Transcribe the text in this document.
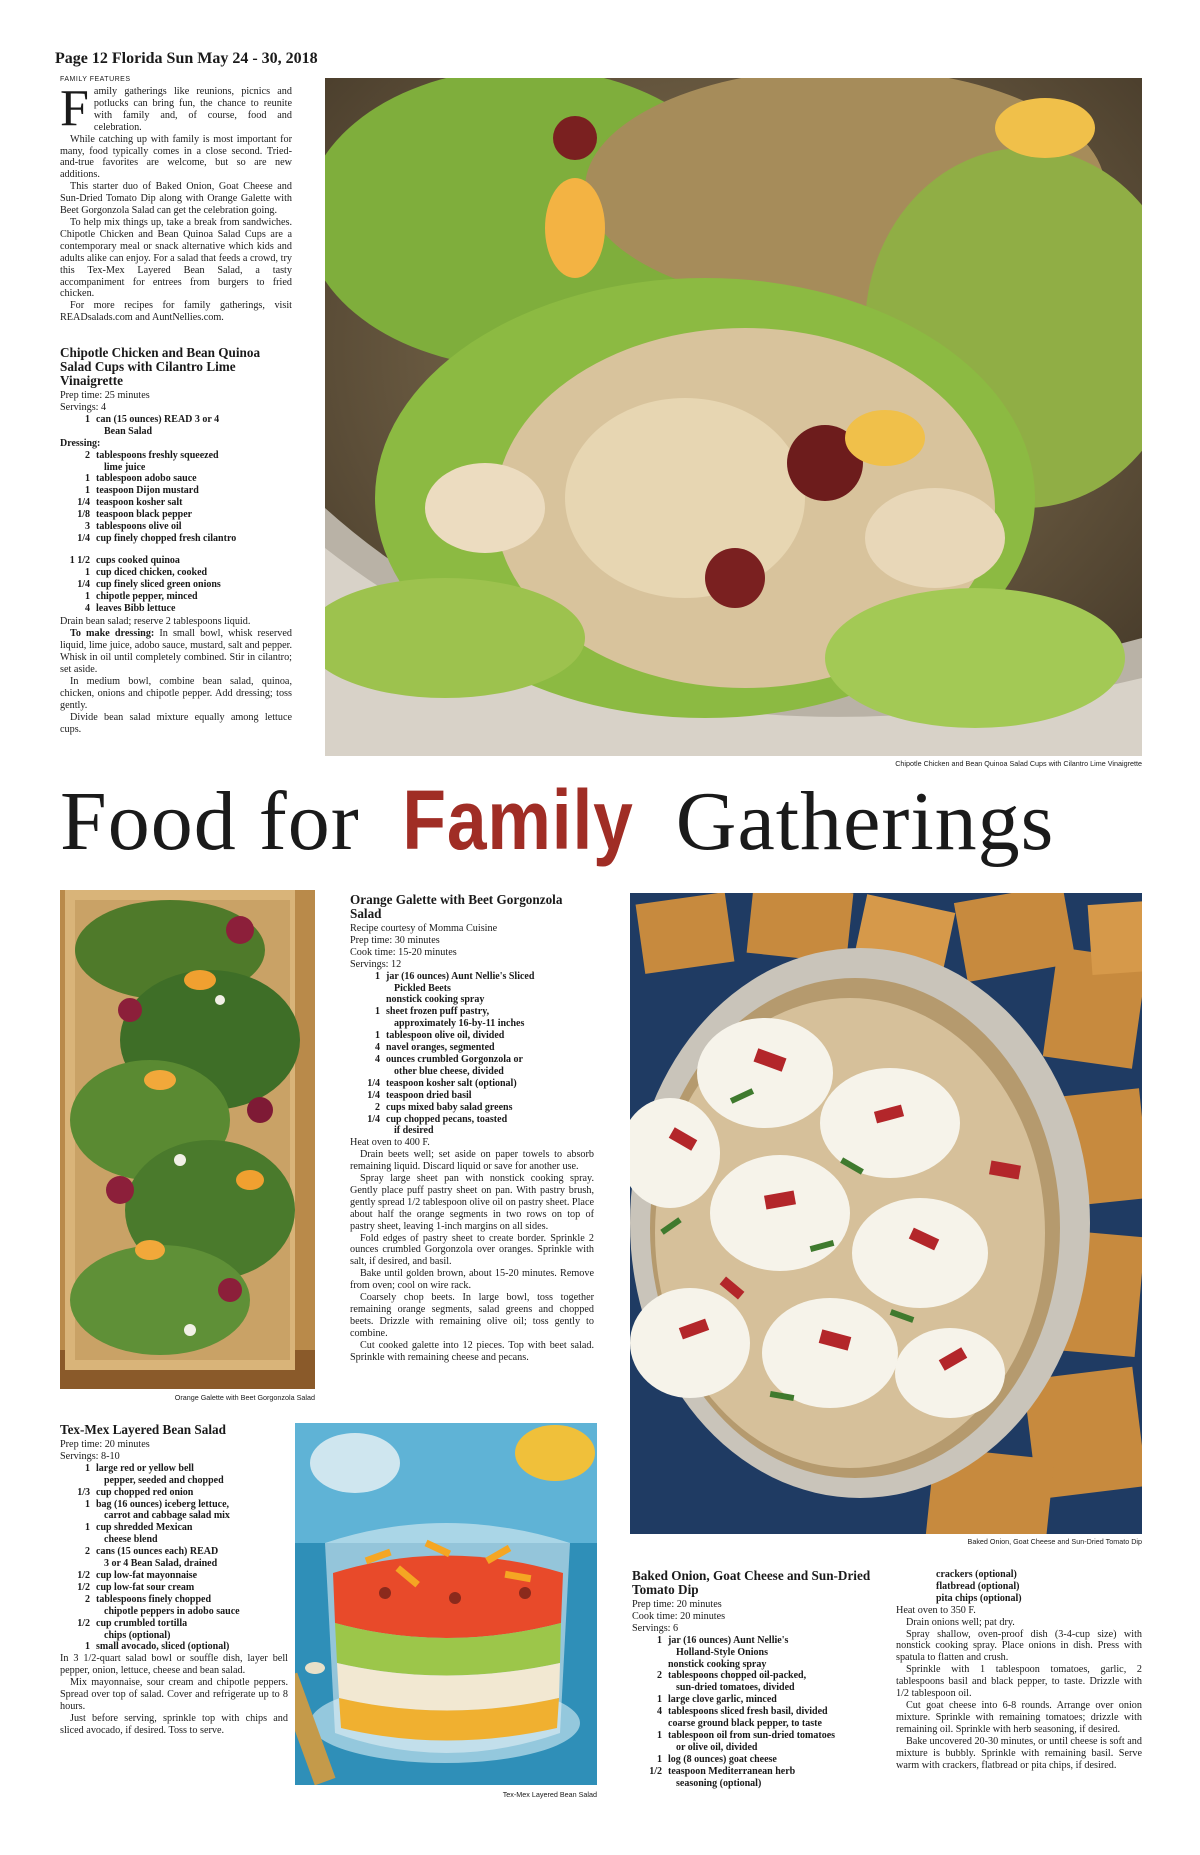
Page 12 Florida Sun May 24 - 30, 2018
FAMILY FEATURES

Family gatherings like reunions, picnics and potlucks can bring fun, the chance to reunite with family and, of course, food and celebration.

While catching up with family is most important for many, food typically comes in a close second. Tried-and-true favorites are welcome, but so are new additions.

This starter duo of Baked Onion, Goat Cheese and Sun-Dried Tomato Dip along with Orange Galette with Beet Gorgonzola Salad can get the celebration going.

To help mix things up, take a break from sandwiches. Chipotle Chicken and Bean Quinoa Salad Cups are a contemporary meal or snack alternative which kids and adults alike can enjoy. For a salad that feeds a crowd, try this Tex-Mex Layered Bean Salad, a tasty accompaniment for entrees from burgers to fried chicken.

For more recipes for family gatherings, visit READsalads.com and AuntNellies.com.

Chipotle Chicken and Bean Quinoa Salad Cups with Cilantro Lime Vinaigrette
Prep time: 25 minutes
Servings: 4
1 can (15 ounces) READ 3 or 4
Bean Salad
Dressing:
2 tablespoons freshly squeezed
lime juice
1 tablespoon adobo sauce
1 teaspoon Dijon mustard
1/4 teaspoon kosher salt
1/8 teaspoon black pepper
3 tablespoons olive oil
1/4 cup finely chopped fresh cilantro
1 1/2 cups cooked quinoa
1 cup diced chicken, cooked
1/4 cup finely sliced green onions
1 chipotle pepper, minced
4 leaves Bibb lettuce

Drain bean salad; reserve 2 tablespoons liquid.

To make dressing: In small bowl, whisk reserved liquid, lime juice, adobo sauce, mustard, salt and pepper. Whisk in oil until completely combined. Stir in cilantro; set aside.

In medium bowl, combine bean salad, quinoa, chicken, onions and chipotle pepper. Add dressing; toss gently.

Divide bean salad mixture equally among lettuce cups.

Chipotle Chicken and Bean Quinoa Salad Cups with Cilantro Lime Vinaigrette
Food for Family Gatherings
Orange Galette with Beet Gorgonzola Salad
Orange Galette with Beet Gorgonzola Salad
Recipe courtesy of Momma Cuisine
Prep time: 30 minutes
Cook time: 15-20 minutes
Servings: 12
1 jar (16 ounces) Aunt Nellie's Sliced
Pickled Beets
nonstick cooking spray
1 sheet frozen puff pastry,
approximately 16-by-11 inches
1 tablespoon olive oil, divided
4 navel oranges, segmented
4 ounces crumbled Gorgonzola or
other blue cheese, divided
1/4 teaspoon kosher salt (optional)
1/4 teaspoon dried basil
2 cups mixed baby salad greens
1/4 cup chopped pecans, toasted
if desired

Heat oven to 400 F.

Drain beets well; set aside on paper towels to absorb remaining liquid. Discard liquid or save for another use.

Spray large sheet pan with nonstick cooking spray. Gently place puff pastry sheet on pan. With pastry brush, gently spread 1/2 tablespoon olive oil on pastry sheet. Place about half the orange segments in two rows on top of pastry sheet, leaving 1-inch margins on all sides.

Fold edges of pastry sheet to create border. Sprinkle 2 ounces crumbled Gorgonzola over oranges. Sprinkle with salt, if desired, and basil.

Bake until golden brown, about 15-20 minutes. Remove from oven; cool on wire rack.

Coarsely chop beets. In large bowl, toss together remaining orange segments, salad greens and chopped beets. Drizzle with remaining olive oil; toss gently to combine.

Cut cooked galette into 12 pieces. Top with beet salad. Sprinkle with remaining cheese and pecans.

Baked Onion, Goat Cheese and Sun-Dried Tomato Dip
Tex-Mex Layered Bean Salad
Prep time: 20 minutes
Servings: 8-10
1 large red or yellow bell
pepper, seeded and chopped
1/3 cup chopped red onion
1 bag (16 ounces) iceberg lettuce,
carrot and cabbage salad mix
1 cup shredded Mexican
cheese blend
2 cans (15 ounces each) READ
3 or 4 Bean Salad, drained
1/2 cup low-fat mayonnaise
1/2 cup low-fat sour cream
2 tablespoons finely chopped
chipotle peppers in adobo sauce
1/2 cup crumbled tortilla
chips (optional)
1 small avocado, sliced (optional)

In 3 1/2-quart salad bowl or souffle dish, layer bell pepper, onion, lettuce, cheese and bean salad.

Mix mayonnaise, sour cream and chipotle peppers. Spread over top of salad. Cover and refrigerate up to 8 hours.

Just before serving, sprinkle top with chips and sliced avocado, if desired. Toss to serve.

Tex-Mex Layered Bean Salad
Baked Onion, Goat Cheese and Sun-Dried Tomato Dip
Prep time: 20 minutes
Cook time: 20 minutes
Servings: 6
1 jar (16 ounces) Aunt Nellie's
Holland-Style Onions
nonstick cooking spray
2 tablespoons chopped oil-packed,
sun-dried tomatoes, divided
1 large clove garlic, minced
4 tablespoons sliced fresh basil, divided
coarse ground black pepper, to taste
1 tablespoon oil from sun-dried tomatoes
or olive oil, divided
1 log (8 ounces) goat cheese
1/2 teaspoon Mediterranean herb
seasoning (optional)
crackers (optional)
flatbread (optional)
pita chips (optional)

Heat oven to 350 F.

Drain onions well; pat dry.

Spray shallow, oven-proof dish (3-4-cup size) with nonstick cooking spray. Place onions in dish. Press with spatula to flatten and crush.

Sprinkle with 1 tablespoon tomatoes, garlic, 2 tablespoons basil and black pepper, to taste. Drizzle with 1/2 tablespoon oil.

Cut goat cheese into 6-8 rounds. Arrange over onion mixture. Sprinkle with remaining tomatoes; drizzle with remaining oil. Sprinkle with herb seasoning, if desired.

Bake uncovered 20-30 minutes, or until cheese is soft and mixture is bubbly. Sprinkle with remaining basil. Serve warm with crackers, flatbread or pita chips, if desired.
